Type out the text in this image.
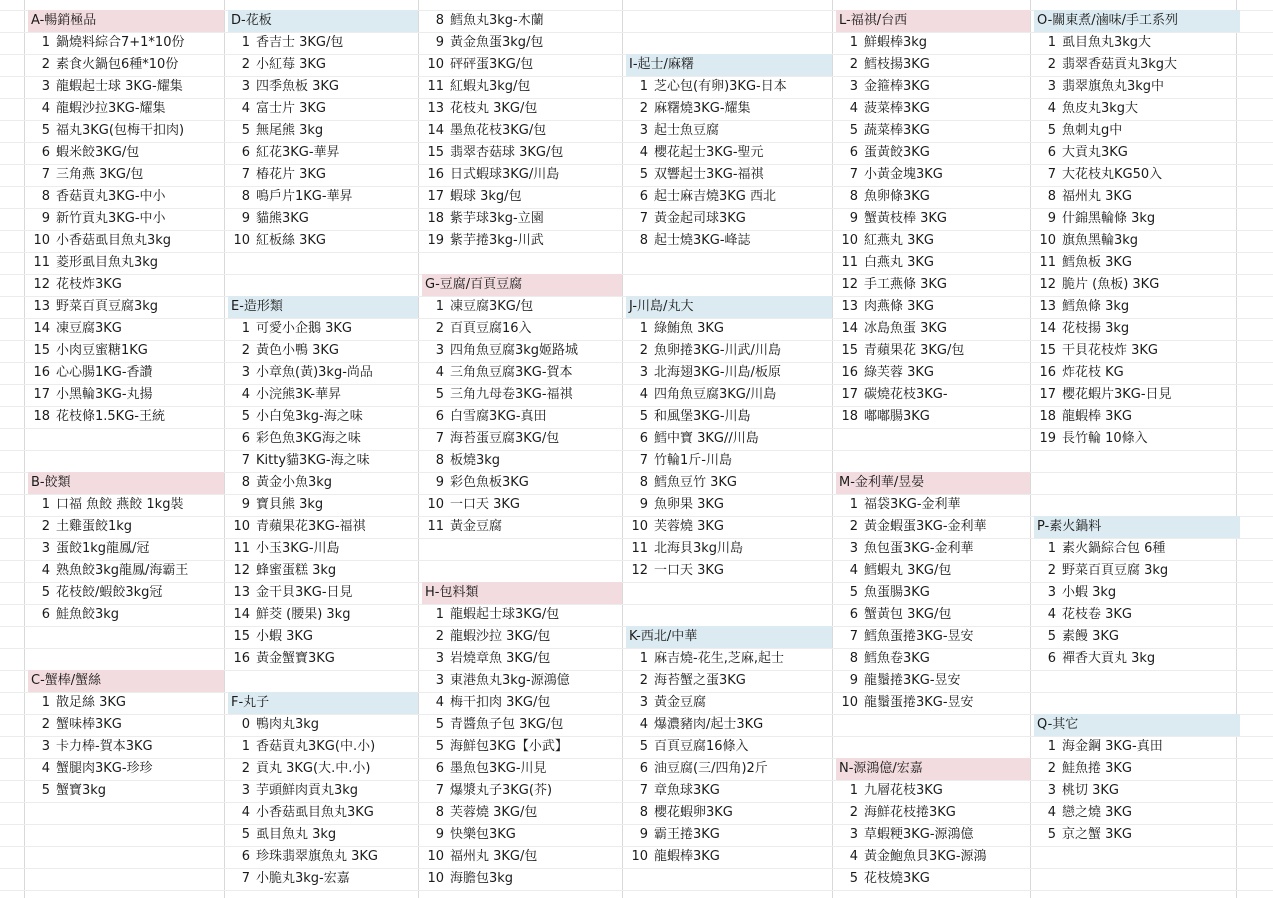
A-暢銷極品
1 鍋燒料綜合7+1*10份
2 素食火鍋包6種*10份
3 龍蝦起士球 3KG-耀集
4 龍蝦沙拉3KG-耀集
5 福丸3KG(包梅干扣肉)
6 蝦米餃3KG/包
7 三角燕 3KG/包
8 香菇貢丸3KG-中小
9 新竹貢丸3KG-中小
10 小香菇虱目魚丸3kg
11 菱形虱目魚丸3kg
12 花枝炸3KG
13 野菜百頁豆腐3kg
14 凍豆腐3KG
15 小肉豆蜜糖1KG
16 心心腸1KG-香讚
17 小黑輪3KG-丸揚
18 花枝條1.5KG-王統
B-餃類
1 口福 魚餃 燕餃 1kg裝
2 土雞蛋餃1kg
3 蛋餃1kg龍鳳/冠
4 熟魚餃3kg龍鳳/海霸王
5 花枝餃/蝦餃3kg冠
6 鮭魚餃3kg
C-蟹棒/蟹絲
1 散足絲 3KG
2 蟹味棒3KG
3 卡力棒-賀本3KG
4 蟹腿肉3KG-珍珍
5 蟹寶3kg
D-花板
1 香吉士 3KG/包
2 小紅莓 3KG
3 四季魚板 3KG
4 富士片 3KG
5 無尾熊 3kg
6 紅花3KG-華昇
7 椿花片 3KG
8 鳴戶片1KG-華昇
9 貓熊3KG
10 紅板絲 3KG
E-造形類
1 可愛小企鵝 3KG
2 黃色小鴨 3KG
3 小章魚(黃)3kg-尚品
4 小浣熊3K-華昇
5 小白兔3kg-海之味
6 彩色魚3KG海之味
7 Kitty貓3KG-海之味
8 黃金小魚3kg
9 寶貝熊 3kg
10 青蘋果花3KG-福祺
11 小玉3KG-川島
12 蜂蜜蛋糕 3kg
13 金干貝3KG-日見
14 鮮茭 (腰果) 3kg
15 小蝦 3KG
16 黃金蟹寶3KG
F-丸子
0 鴨肉丸3kg
1 香菇貢丸3KG(中.小)
2 貢丸 3KG(大.中.小)
3 芋頭鮮肉貢丸3kg
4 小香菇虱目魚丸3KG
5 虱目魚丸 3kg
6 珍珠翡翠旗魚丸 3KG
7 小脆丸3kg-宏嘉
8 鱈魚丸3kg-木蘭
9 黃金魚蛋3kg/包
10 砰砰蛋3KG/包
11 紅蝦丸3kg/包
13 花枝丸 3KG/包
14 墨魚花枝3KG/包
15 翡翠杏菇球 3KG/包
16 日式蝦球3KG/川島
17 蝦球 3kg/包
18 紫芋球3kg-立園
19 紫芋捲3kg-川武
G-豆腐/百頁豆腐
1 凍豆腐3KG/包
2 百頁豆腐16入
3 四角魚豆腐3kg姬路城
4 三角魚豆腐3KG-賀本
5 三角九母卷3KG-福祺
6 白雪腐3KG-真田
7 海苔蛋豆腐3KG/包
8 板燒3kg
9 彩色魚板3KG
10 一口天 3KG
11 黃金豆腐
H-包料類
1 龍蝦起士球3KG/包
2 龍蝦沙拉 3KG/包
3 岩燒章魚 3KG/包
3 東港魚丸3kg-源鴻億
4 梅干扣肉 3KG/包
5 青醬魚子包 3KG/包
5 海鮮包3KG【小武】
6 墨魚包3KG-川見
7 爆漿丸子3KG(芥)
8 芙蓉燒 3KG/包
9 快樂包3KG
10 福州丸 3KG/包
10 海膽包3kg
I-起士/麻糬
1 芝心包(有卵)3KG-日本
2 麻糬燒3KG-耀集
3 起士魚豆腐
4 櫻花起士3KG-聖元
5 双響起士3KG-福祺
6 起士麻吉燒3KG 西北
7 黃金起司球3KG
8 起士燒3KG-峰誌
J-川島/丸大
1 綠鮪魚 3KG
2 魚卵捲3KG-川武/川島
3 北海翅3KG-川島/板原
4 四角魚豆腐3KG/川島
5 和風堡3KG-川島
6 鱈中寶 3KG//川島
7 竹輪1斤-川島
8 鱈魚豆竹 3KG
9 魚卵果 3KG
10 芙蓉燒 3KG
11 北海貝3kg川島
12 一口天 3KG
K-西北/中華
1 麻吉燒-花生,芝麻,起士
2 海苔蟹之蛋3KG
3 黃金豆腐
4 爆濃豬肉/起士3KG
5 百頁豆腐16條入
6 油豆腐(三/四角)2斤
7 章魚球3KG
8 櫻花蝦卵3KG
9 霸王捲3KG
10 龍蝦棒3KG
L-福祺/台西
1 鮮蝦棒3kg
2 鱈枝揚3KG
3 金箍棒3KG
4 菠菜棒3KG
5 蔬菜棒3KG
6 蛋黃餃3KG
7 小黃金塊3KG
8 魚卵條3KG
9 蟹黃枝棒 3KG
10 紅燕丸 3KG
11 白燕丸 3KG
12 手工燕條 3KG
13 肉燕條 3KG
14 冰島魚蛋 3KG
15 青蘋果花 3KG/包
16 綠芙蓉 3KG
17 碳燒花枝3KG-
18 嘟嘟腸3KG
M-金利華/昱晏
1 福袋3KG-金利華
2 黃金蝦蛋3KG-金利華
3 魚包蛋3KG-金利華
4 鱈蝦丸 3KG/包
5 魚蛋腸3KG
6 蟹黃包 3KG/包
7 鱈魚蛋捲3KG-昱安
8 鱈魚卷3KG
9 龍鬚捲3KG-昱安
10 龍鬚蛋捲3KG-昱安
N-源鴻億/宏嘉
1 九層花枝3KG
2 海鮮花枝捲3KG
3 草蝦粳3KG-源鴻億
4 黃金鮑魚貝3KG-源鴻
5 花枝燒3KG
O-關東煮/滷味/手工系列
1 虱目魚丸3kg大
2 翡翠香菇貢丸3kg大
3 翡翠旗魚丸3kg中
4 魚皮丸3kg大
5 魚刺丸g中
6 大貢丸3KG
7 大花枝丸KG50入
8 福州丸 3KG
9 什錦黑輪條 3kg
10 旗魚黑輪3kg
11 鱈魚板 3KG
12 脆片 (魚板) 3KG
13 鱈魚條 3kg
14 花枝揚 3kg
15 干貝花枝炸 3KG
16 炸花枝 KG
17 櫻花蝦片3KG-日見
18 龍蝦棒 3KG
19 長竹輪 10條入
P-素火鍋料
1 素火鍋綜合包 6種
2 野菜百頁豆腐 3kg
3 小蝦 3kg
4 花枝卷 3KG
5 素饅 3KG
6 禪香大貢丸 3kg
Q-其它
1 海金鋼 3KG-真田
2 鮭魚捲 3KG
3 桃切 3KG
4 戀之燒 3KG
5 京之蟹 3KG
